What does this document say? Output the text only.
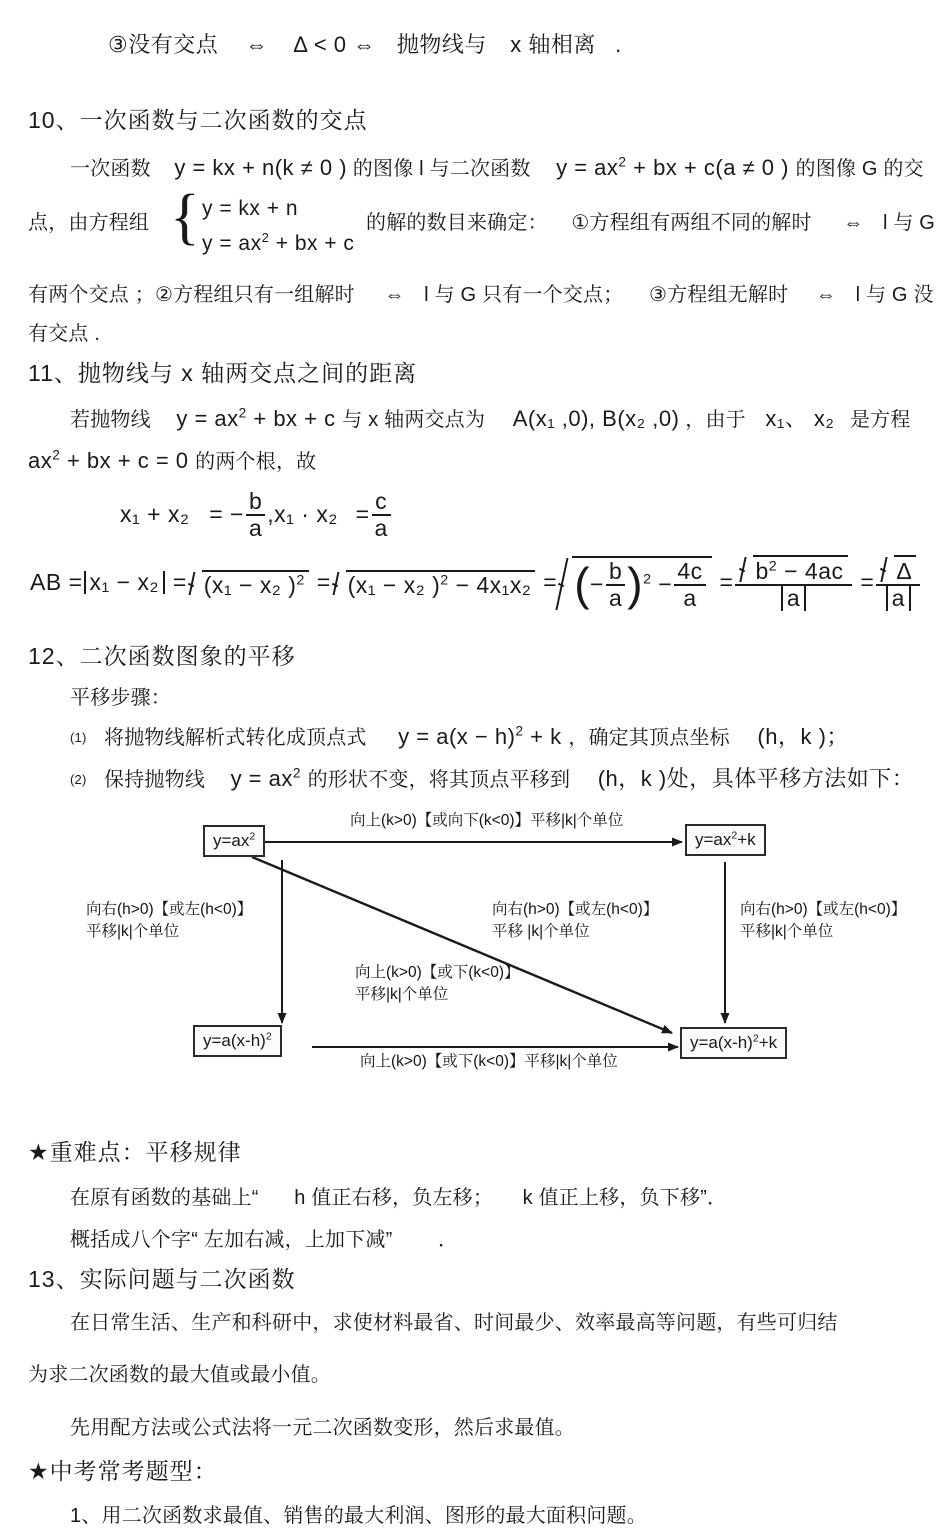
③没有交点 ⇔ Δ < 0 ⇔ 抛物线与 x 轴相离 .
10、一次函数与二次函数的交点
一次函数 y = kx + n(k ≠ 0 ) 的图像 l 与二次函数 $y = ax^2$ + bx + c(a ≠ 0 ) 的图像 G 的交
点，由方程组 { y = kx + n
$y = ax^2$ + bx + c
的解的数目来确定： ①方程组有两组不同的解时 ⇔ l 与 G
有两个交点 ；②方程组只有一组解时 ⇔ l 与 G 只有一个交点； ③方程组无解时 ⇔ l 与 G 没
有交点 .
11、抛物线与 x 轴两交点之间的距离
若抛物线 $y = ax^2$ + bx + c 与 x 轴两交点为 A(x₁ ,0), B(x₂ ,0) ，由于 x₁、 x₂ 是方程
$ax^2$ + bx + c = 0 的两个根，故
x₁ + x₂ = − $\frac{b}{a} ,x_1 \cdot x_2 = \frac{c}{a}$
AB = x₁ − x₂ = (x₁ − x₂ )$^2$ = (x₁ − x₂ )$^2$ − 4x₁x₂ = (− $\frac{b}{a} )^2 - \frac{4c}{a} = \frac{b^2 - 4ac}{a} = \frac{\Delta}{a}$
12、二次函数图象的平移
平移步骤：
(1) 将抛物线解析式转化成顶点式 $y = a(x - h)^2 + k$ ，确定其顶点坐标 (h，k )；
(2) 保持抛物线 $y = ax^2$ 的形状不变，将其顶点平移到 (h，k )处，具体平移方法如下：
$y=ax^2$	$y=ax^2+k$
$y=a(x-h)^2$	$y=a(x-h)^2+k$
向上(k>0)【或向下(k<0)】平移|k|个单位
向右(h>0)【或左(h<0)】
平移|k|个单位
向右(h>0)【或左(h<0)】
平移|k|个单位
向右(h>0)【或左(h<0)】
平移 |k|个单位
向上(k>0)【或下(k<0)】
平移|k|个单位
向上(k>0)【或下(k<0)】平移|k|个单位
★重难点：平移规律
在原有函数的基础上“ h 值正右移，负左移； k 值正上移，负下移”．
概括成八个字“ 左加右减，上加下减” ．
13、实际问题与二次函数
在日常生活、生产和科研中，求使材料最省、时间最少、效率最高等问题，有些可归结
为求二次函数的最大值或最小值。
先用配方法或公式法将一元二次函数变形，然后求最值。
★中考常考题型：
1、用二次函数求最值、销售的最大利润、图形的最大面积问题。
